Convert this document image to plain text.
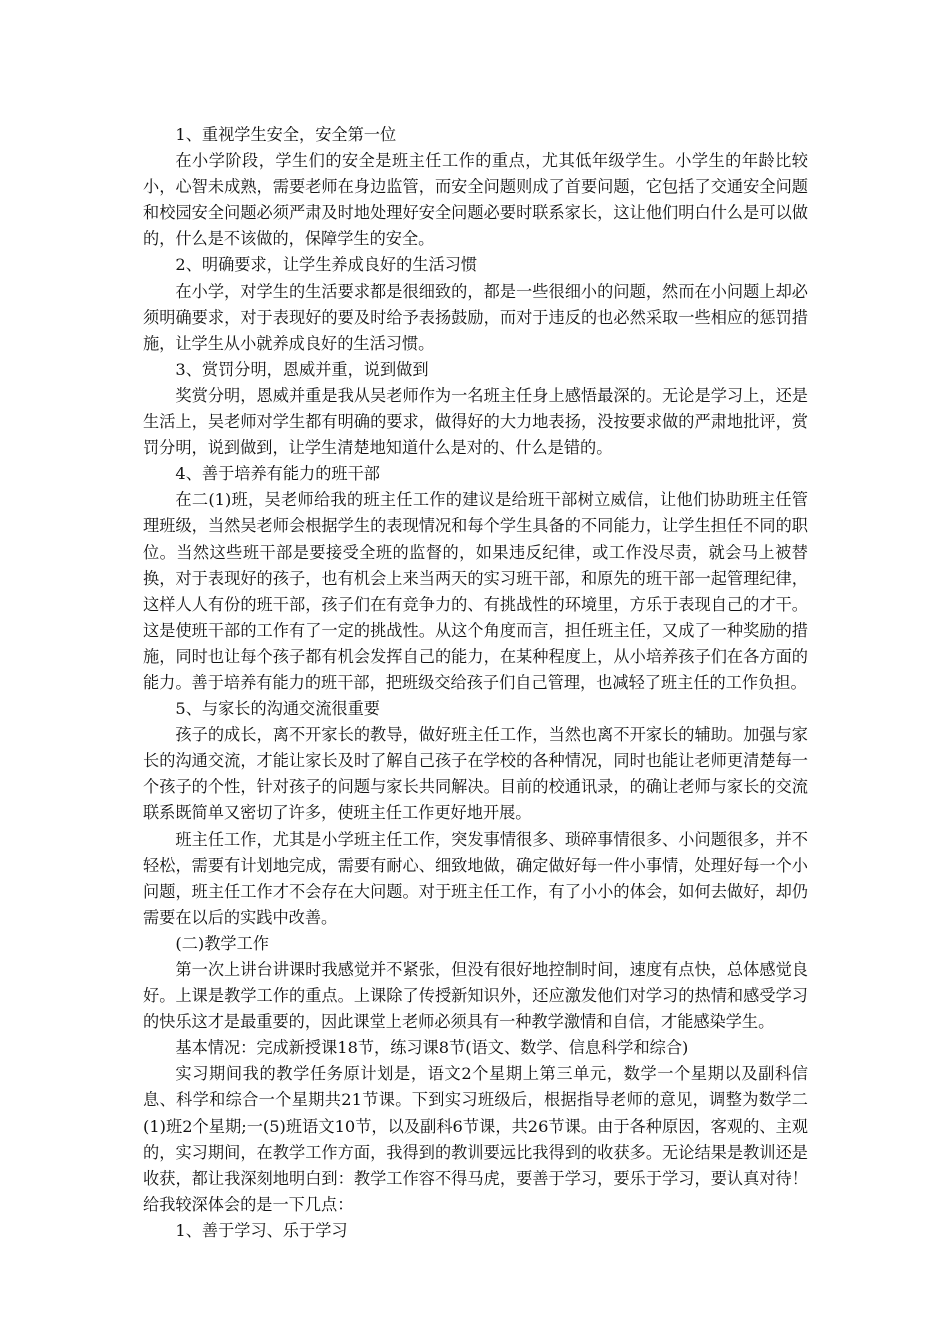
1、重视学生安全，安全第一位

在小学阶段，学生们的安全是班主任工作的重点，尤其低年级学生。小学生的年龄比较小，心智未成熟，需要老师在身边监管，而安全问题则成了首要问题，它包括了交通安全问题和校园安全问题必须严肃及时地处理好安全问题必要时联系家长，这让他们明白什么是可以做的，什么是不该做的，保障学生的安全。

2、明确要求，让学生养成良好的生活习惯

在小学，对学生的生活要求都是很细致的，都是一些很细小的问题，然而在小问题上却必须明确要求，对于表现好的要及时给予表扬鼓励，而对于违反的也必然采取一些相应的惩罚措施，让学生从小就养成良好的生活习惯。

3、赏罚分明，恩威并重，说到做到

奖赏分明，恩威并重是我从吴老师作为一名班主任身上感悟最深的。无论是学习上，还是生活上，吴老师对学生都有明确的要求，做得好的大力地表扬，没按要求做的严肃地批评，赏罚分明，说到做到，让学生清楚地知道什么是对的、什么是错的。

4、善于培养有能力的班干部

在二(1)班，吴老师给我的班主任工作的建议是给班干部树立威信，让他们协助班主任管理班级，当然吴老师会根据学生的表现情况和每个学生具备的不同能力，让学生担任不同的职位。当然这些班干部是要接受全班的监督的，如果违反纪律，或工作没尽责，就会马上被替换，对于表现好的孩子，也有机会上来当两天的实习班干部，和原先的班干部一起管理纪律，这样人人有份的班干部，孩子们在有竞争力的、有挑战性的环境里，方乐于表现自己的才干。这是使班干部的工作有了一定的挑战性。从这个角度而言，担任班主任，又成了一种奖励的措施，同时也让每个孩子都有机会发挥自己的能力，在某种程度上，从小培养孩子们在各方面的能力。善于培养有能力的班干部，把班级交给孩子们自己管理，也减轻了班主任的工作负担。

5、与家长的沟通交流很重要

孩子的成长，离不开家长的教导，做好班主任工作，当然也离不开家长的辅助。加强与家长的沟通交流，才能让家长及时了解自己孩子在学校的各种情况，同时也能让老师更清楚每一个孩子的个性，针对孩子的问题与家长共同解决。目前的校通讯录，的确让老师与家长的交流联系既简单又密切了许多，使班主任工作更好地开展。

班主任工作，尤其是小学班主任工作，突发事情很多、琐碎事情很多、小问题很多，并不轻松，需要有计划地完成，需要有耐心、细致地做，确定做好每一件小事情，处理好每一个小问题，班主任工作才不会存在大问题。对于班主任工作，有了小小的体会，如何去做好，却仍需要在以后的实践中改善。

(二)教学工作

第一次上讲台讲课时我感觉并不紧张，但没有很好地控制时间，速度有点快，总体感觉良好。上课是教学工作的重点。上课除了传授新知识外，还应激发他们对学习的热情和感受学习的快乐这才是最重要的，因此课堂上老师必须具有一种教学激情和自信，才能感染学生。

基本情况：完成新授课18节，练习课8节(语文、数学、信息科学和综合)

实习期间我的教学任务原计划是，语文2个星期上第三单元，数学一个星期以及副科信息、科学和综合一个星期共21节课。下到实习班级后，根据指导老师的意见，调整为数学二(1)班2个星期;一(5)班语文10节，以及副科6节课，共26节课。由于各种原因，客观的、主观的，实习期间，在教学工作方面，我得到的教训要远比我得到的收获多。无论结果是教训还是收获，都让我深刻地明白到：教学工作容不得马虎，要善于学习，要乐于学习，要认真对待！给我较深体会的是一下几点：

1、善于学习、乐于学习
